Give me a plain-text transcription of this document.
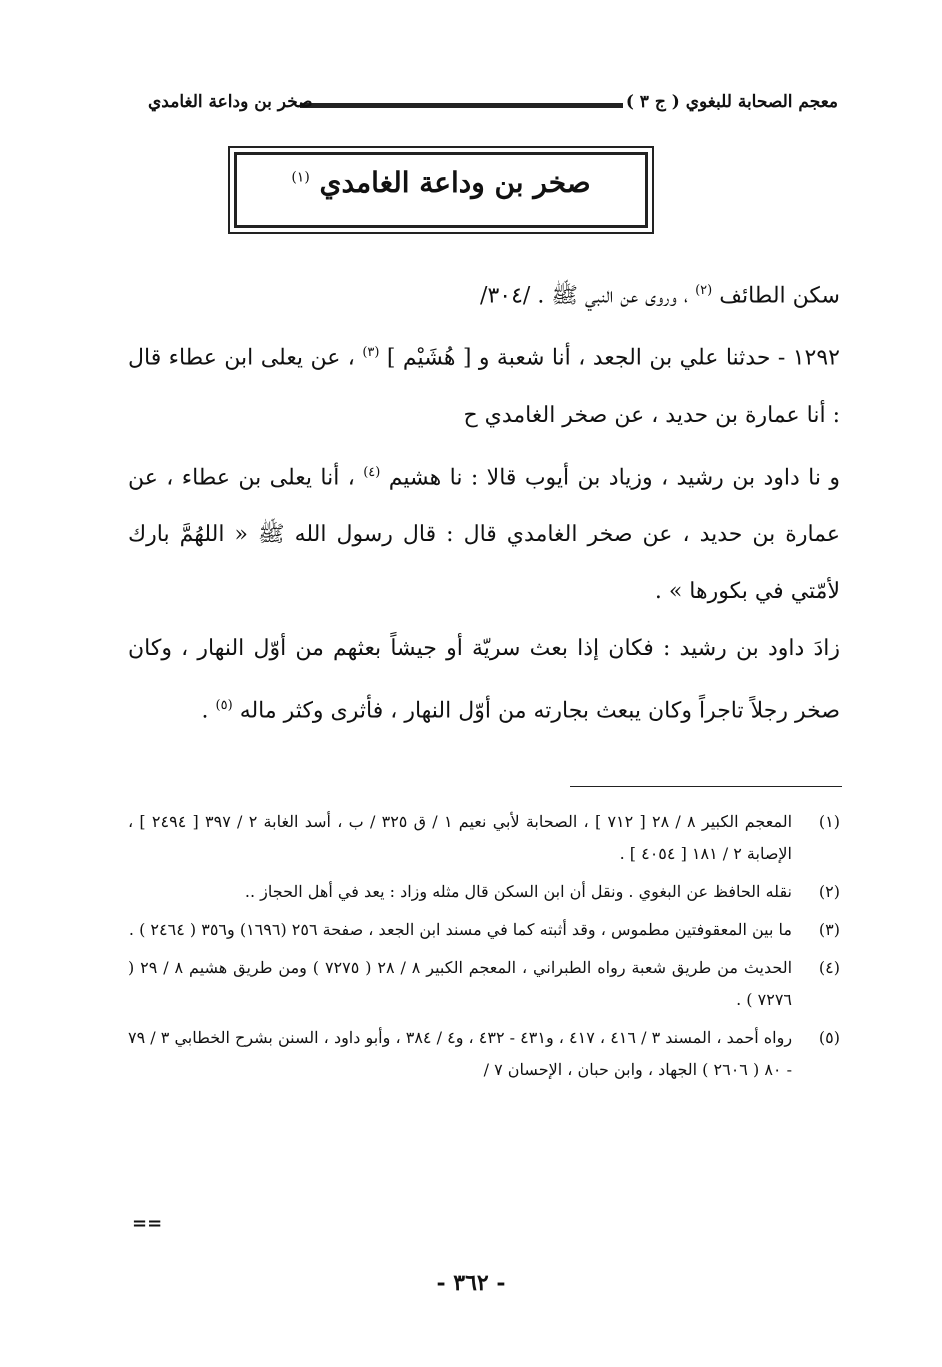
معجم الصحابة للبغوي ( ج ٣ )
صخر بن وداعة الغامدي
صخر بن وداعة الغامدي $^{(١)}$

سكن الطائف $^{(٢)}$ ، وروى عن النبي ﷺ . /٣٠٤/

١٢٩٢ - حدثنا علي بن الجعد ، أنا شعبة و [ هُشَيْم ] $^{(٣)}$ ، عن يعلى ابن عطاء قال : أنا عمارة بن حديد ، عن صخر الغامدي ح

و نا داود بن رشيد ، وزياد بن أيوب قالا : نا هشيم $^{(٤)}$ ، أنا يعلى بن عطاء ، عن عمارة بن حديد ، عن صخر الغامدي قال : قال رسول الله ﷺ « اللهُمَّ بارك لأمّتي في بكورها » .

زادَ داود بن رشيد : فكان إذا بعث سريّة أو جيشاً بعثهم من أوّل النهار ، وكان صخر رجلاً تاجراً وكان يبعث بجارته من أوّل النهار ، فأثرى وكثر ماله $^{(٥)}$ .

(١)
المعجم الكبير ٨ / ٢٨ [ ٧١٢ ] ، الصحابة لأبي نعيم ١ / ق ٣٢٥ / ب ، أسد الغابة ٢ / ٣٩٧ [ ٢٤٩٤ ] ، الإصابة ٢ / ١٨١ [ ٤٠٥٤ ] .
(٢)
نقله الحافظ عن البغوي . ونقل أن ابن السكن قال مثله وزاد : يعد في أهل الحجاز ..
(٣)
ما بين المعقوفتين مطموس ، وقد أثبته كما في مسند ابن الجعد ، صفحة ٢٥٦ (١٦٩٦) و٣٥٦ ( ٢٤٦٤ ) .
(٤)
الحديث من طريق شعبة رواه الطبراني ، المعجم الكبير ٨ / ٢٨ ( ٧٢٧٥ ) ومن طريق هشيم ٨ / ٢٩ ( ٧٢٧٦ ) .
(٥)
رواه أحمد ، المسند ٣ / ٤١٦ ، ٤١٧ ، و٤٣١ - ٤٣٢ ، و٤ / ٣٨٤ ، وأبو داود ، السنن بشرح الخطابي ٣ / ٧٩ - ٨٠ ( ٢٦٠٦ ) الجهاد ، وابن حبان ، الإحسان ٧ /
==
- ٣٦٢ -
